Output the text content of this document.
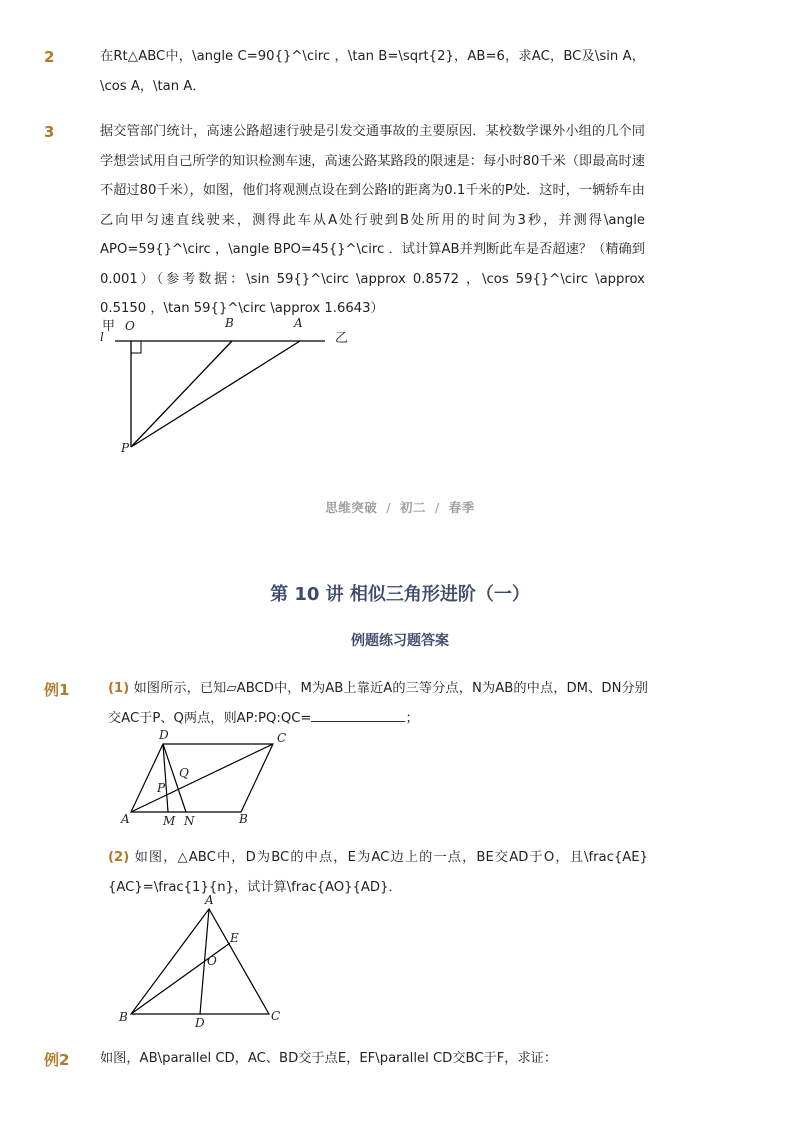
2	在Rt△ABC中，\angle C=90{}^\circ ，\tan B=\sqrt{2}，AB=6，求AC，BC及\sin A，\cos A，\tan A．
3	据交管部门统计，高速公路超速行驶是引发交通事故的主要原因．某校数学课外小组的几个同学想尝试用自己所学的知识检测车速，高速公路某路段的限速是：每小时80千米（即最高时速不超过80千米），如图，他们将观测点设在到公路l的距离为0.1千米的P处．这时，一辆轿车由乙向甲匀速直线驶来，测得此车从A处行驶到B处所用的时间为3秒，并测得\angle APO=59{}^\circ ，\angle BPO=45{}^\circ ．试计算AB并判断此车是否超速？（精确到0.001）（参考数据：\sin 59{}^\circ \approx 0.8572 ，\cos 59{}^\circ \approx 0.5150 ，\tan 59{}^\circ \approx 1.6643）
甲
l
O	B	A
乙
P
思维突破 / 初二 / 春季
第 10 讲 相似三角形进阶（一）
例题练习题答案
例1	(1) 如图所示，已知▱ABCD中，M为AB上靠近A的三等分点，N为AB的中点，DM、DN分别交AC于P、Q两点，则AP:PQ:QC=	；
D	C
Q
P
A	M N	B
(2) 如图，△ABC中，D为BC的中点，E为AC边上的一点，BE交AD于O，且\frac{AE}{AC}=\frac{1}{n}，试计算\frac{AO}{AD}．
A
E
O
B	D	C
例2 如图，AB\parallel CD，AC、BD交于点E，EF\parallel CD交BC于F，求证：
